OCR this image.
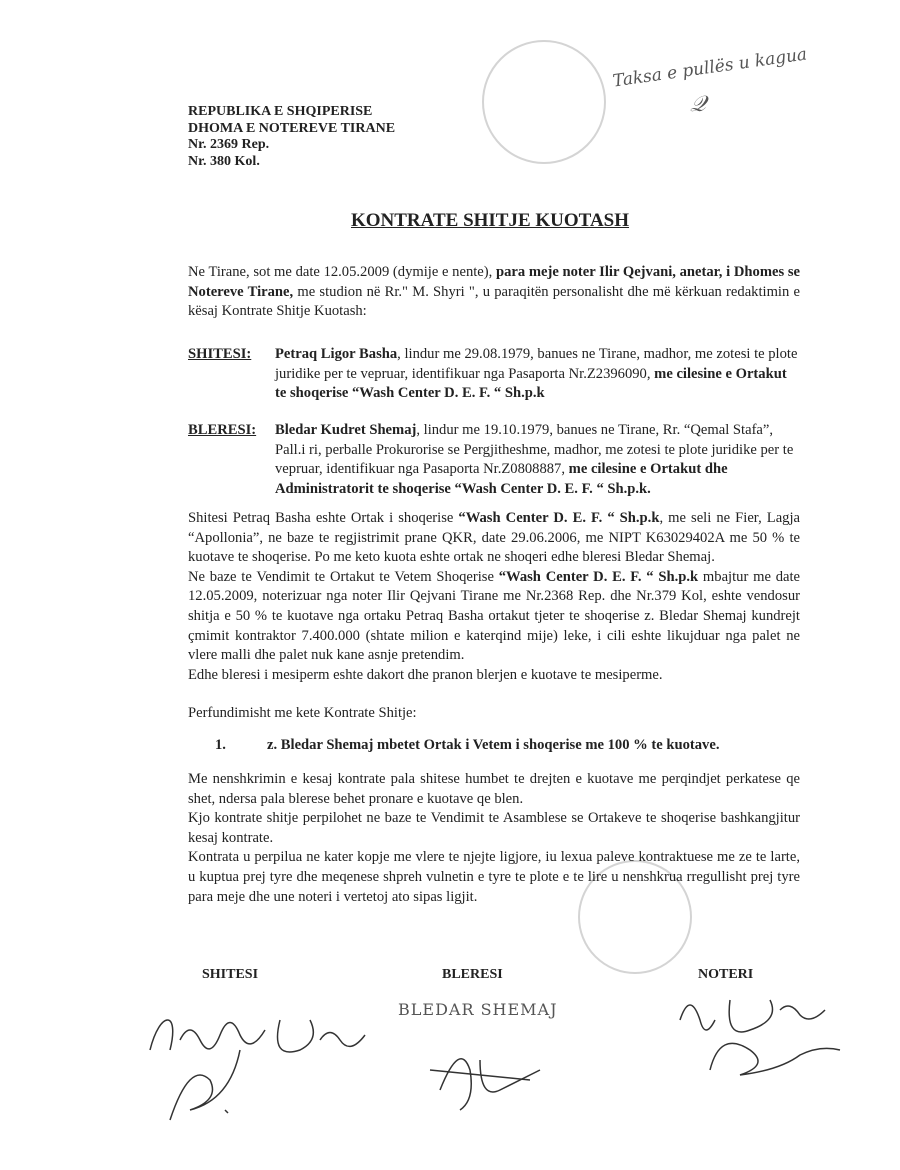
Taksa e pullës u kagua
𝒬
REPUBLIKA E SHQIPERISE
DHOMA E NOTEREVE TIRANE
Nr. 2369 Rep.
Nr. 380 Kol.
KONTRATE SHITJE KUOTASH
Ne Tirane, sot me date 12.05.2009 (dymije e nente), para meje noter Ilir Qejvani, anetar, i Dhomes se Notereve Tirane, me studion në Rr." M. Shyri ", u paraqitën personalisht dhe më kërkuan redaktimin e kësaj Kontrate Shitje Kuotash:
SHITESI:	Petraq Ligor Basha, lindur me 29.08.1979, banues ne Tirane, madhor, me zotesi te plote juridike per te vepruar, identifikuar nga Pasaporta Nr.Z2396090, me cilesine e Ortakut te shoqerise “Wash Center D. E. F. “ Sh.p.k
BLERESI:	Bledar Kudret Shemaj, lindur me 19.10.1979, banues ne Tirane, Rr. “Qemal Stafa”, Pall.i ri, perballe Prokurorise se Pergjitheshme, madhor, me zotesi te plote juridike per te vepruar, identifikuar nga Pasaporta Nr.Z0808887, me cilesine e Ortakut dhe Administratorit te shoqerise “Wash Center D. E. F. “ Sh.p.k.
Shitesi Petraq Basha eshte Ortak i shoqerise “Wash Center D. E. F. “ Sh.p.k, me seli ne Fier, Lagja “Apollonia”, ne baze te regjistrimit prane QKR, date 29.06.2006, me NIPT K63029402A me 50 % te kuotave te shoqerise. Po me keto kuota eshte ortak ne shoqeri edhe bleresi Bledar Shemaj.
Ne baze te Vendimit te Ortakut te Vetem Shoqerise “Wash Center D. E. F. “ Sh.p.k mbajtur me date 12.05.2009, noterizuar nga noter Ilir Qejvani Tirane me Nr.2368 Rep. dhe Nr.379 Kol, eshte vendosur shitja e 50 % te kuotave nga ortaku Petraq Basha ortakut tjeter te shoqerise z. Bledar Shemaj kundrejt çmimit kontraktor 7.400.000 (shtate milion e katerqind mije) leke, i cili eshte likujduar nga palet ne vlere malli dhe palet nuk kane asnje pretendim.
Edhe bleresi i mesiperm eshte dakort dhe pranon blerjen e kuotave te mesiperme.
Perfundimisht me kete Kontrate Shitje:
1.	z. Bledar Shemaj mbetet Ortak i Vetem i shoqerise me 100 % te kuotave.
Me nenshkrimin e kesaj kontrate pala shitese humbet te drejten e kuotave me perqindjet perkatese qe shet, ndersa pala blerese behet pronare e kuotave qe blen.
Kjo kontrate shitje perpilohet ne baze te Vendimit te Asamblese se Ortakeve te shoqerise bashkangjitur kesaj kontrate.
Kontrata u perpilua ne kater kopje me vlere te njejte ligjore, iu lexua paleve kontraktuese me ze te larte, u kuptua prej tyre dhe meqenese shpreh vulnetin e tyre te plote e te lire u nenshkrua rregullisht prej tyre para meje dhe une noteri i vertetoj ato sipas ligjit.
SHITESI	BLERESI	NOTERI
BLEDAR SHEMAJ
